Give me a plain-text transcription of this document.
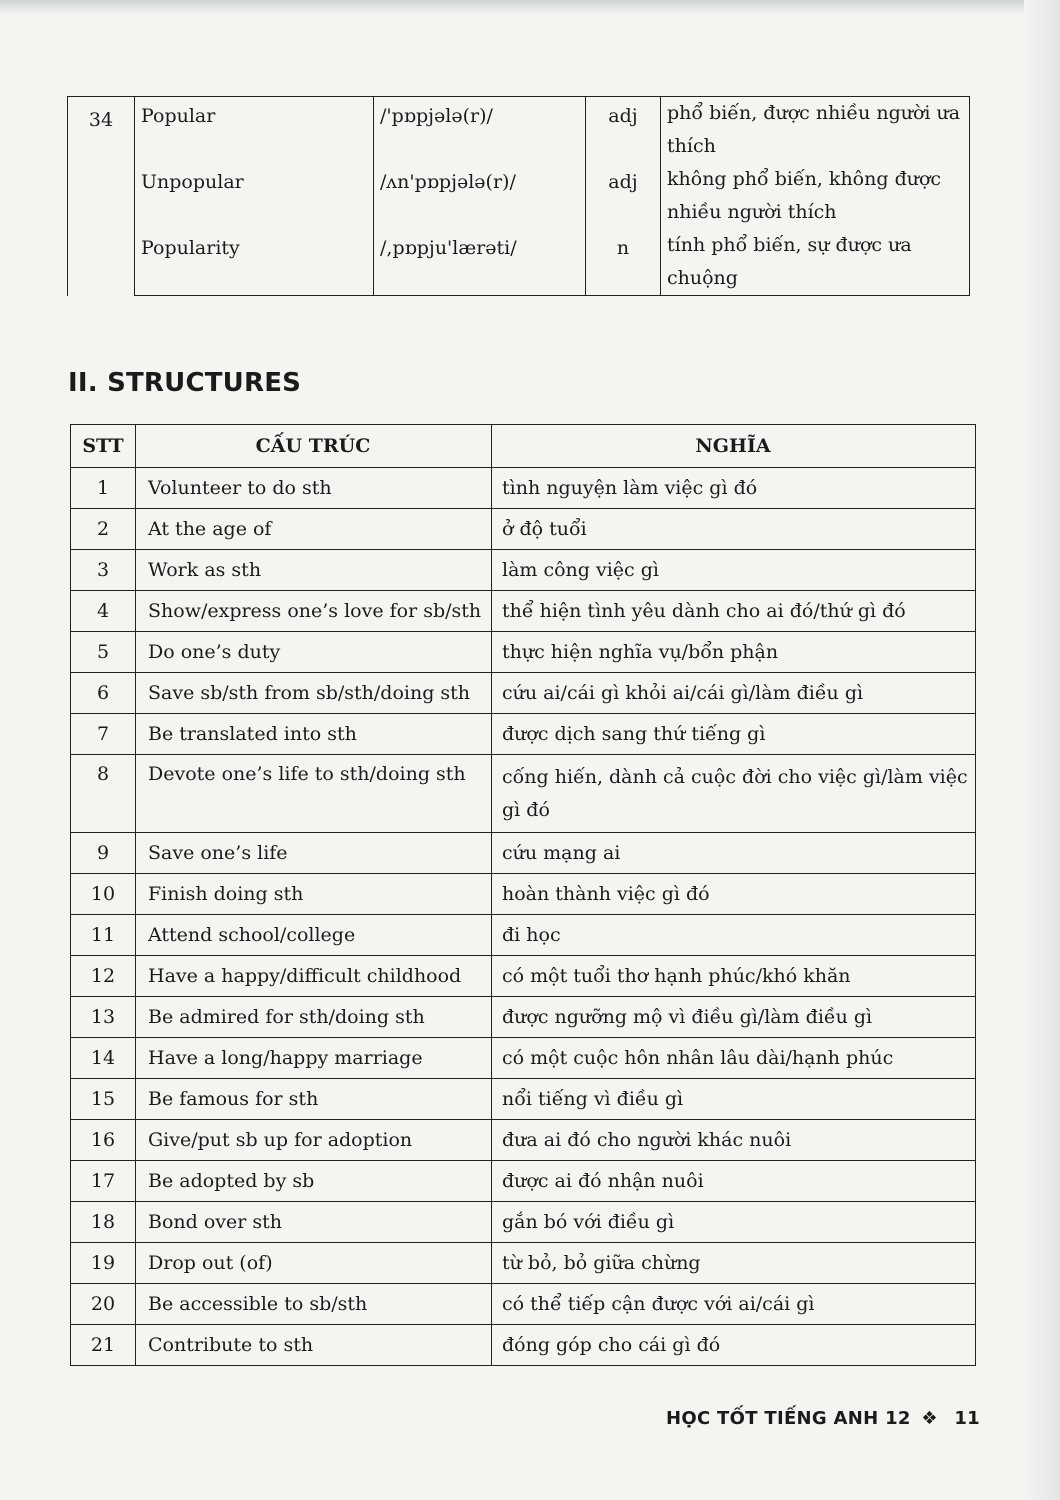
34	Popular	/'pɒpjələ(r)/	adj	phổ biến, được nhiều người ưa thích

	Unpopular	/ʌn'pɒpjələ(r)/	adj	không phổ biến, không được nhiều người thích

	Popularity	/,pɒpju'lærəti/	n	tính phổ biến, sự được ưa chuộng
II. STRUCTURES
STT	CẤU TRÚC	NGHĨA
1	Volunteer to do sth	tình nguyện làm việc gì đó
2	At the age of	ở độ tuổi
3	Work as sth	làm công việc gì
4	Show/express one’s love for sb/sth	thể hiện tình yêu dành cho ai đó/thứ gì đó
5	Do one’s duty	thực hiện nghĩa vụ/bổn phận
6	Save sb/sth from sb/sth/doing sth	cứu ai/cái gì khỏi ai/cái gì/làm điều gì
7	Be translated into sth	được dịch sang thứ tiếng gì
8	Devote one’s life to sth/doing sth	cống hiến, dành cả cuộc đời cho việc gì/làm việc gì đó
9	Save one’s life	cứu mạng ai
10	Finish doing sth	hoàn thành việc gì đó
11	Attend school/college	đi học
12	Have a happy/difficult childhood	có một tuổi thơ hạnh phúc/khó khăn
13	Be admired for sth/doing sth	được ngưỡng mộ vì điều gì/làm điều gì
14	Have a long/happy marriage	có một cuộc hôn nhân lâu dài/hạnh phúc
15	Be famous for sth	nổi tiếng vì điều gì
16	Give/put sb up for adoption	đưa ai đó cho người khác nuôi
17	Be adopted by sb	được ai đó nhận nuôi
18	Bond over sth	gắn bó với điều gì
19	Drop out (of)	từ bỏ, bỏ giữa chừng
20	Be accessible to sb/sth	có thể tiếp cận được với ai/cái gì
21	Contribute to sth	đóng góp cho cái gì đó
HỌC TỐT TIẾNG ANH 12 ❖ 11
